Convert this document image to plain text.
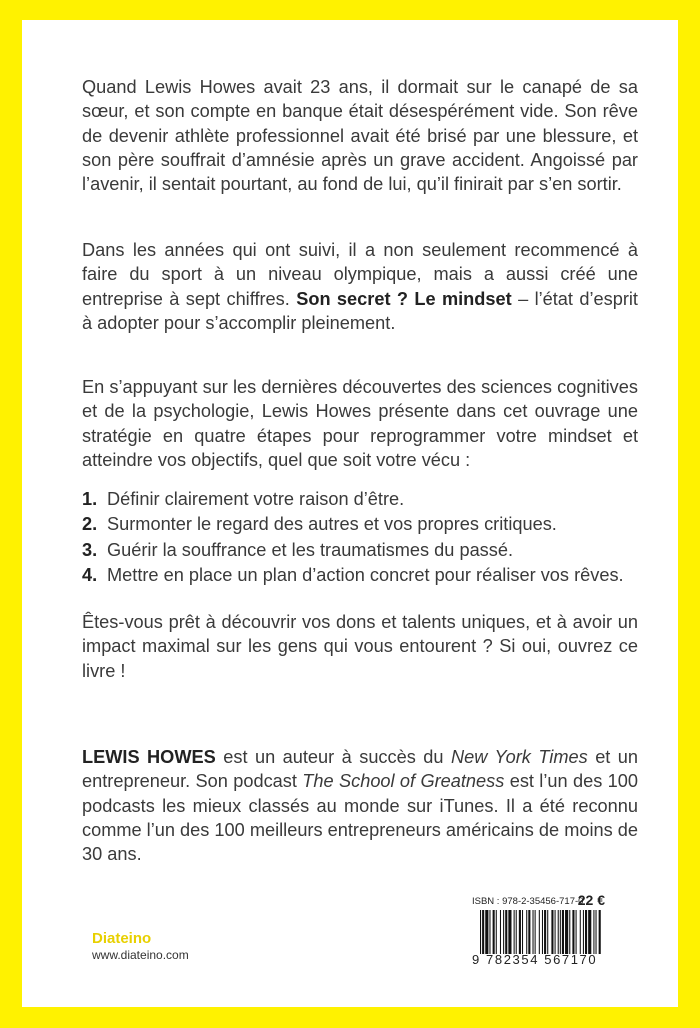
Quand Lewis Howes avait 23 ans, il dormait sur le canapé de sa sœur, et son compte en banque était désespérément vide. Son rêve de devenir athlète professionnel avait été brisé par une blessure, et son père souffrait d’amnésie après un grave accident. Angoissé par l’avenir, il sentait pourtant, au fond de lui, qu’il finirait par s’en sortir.

Dans les années qui ont suivi, il a non seulement recommencé à faire du sport à un niveau olympique, mais a aussi créé une entreprise à sept chiffres. Son secret ? Le mindset – l’état d’esprit à adopter pour s’accomplir pleinement.

En s’appuyant sur les dernières découvertes des sciences cognitives et de la psychologie, Lewis Howes présente dans cet ouvrage une stratégie en quatre étapes pour reprogrammer votre mindset et atteindre vos objectifs, quel que soit votre vécu :

1. Définir clairement votre raison d’être.
2. Surmonter le regard des autres et vos propres critiques.
3. Guérir la souffrance et les traumatismes du passé.
4. Mettre en place un plan d’action concret pour réaliser vos rêves.

Êtes-vous prêt à découvrir vos dons et talents uniques, et à avoir un impact maximal sur les gens qui vous entourent ? Si oui, ouvrez ce livre !

LEWIS HOWES est un auteur à succès du New York Times et un entrepreneur. Son podcast The School of Greatness est l’un des 100 podcasts les mieux classés au monde sur iTunes. Il a été reconnu comme l’un des 100 meilleurs entrepreneurs américains de moins de 30 ans.

Diateino
www.diateino.com
ISBN : 978-2-35456-717-0
22 €
9 782354 567170
